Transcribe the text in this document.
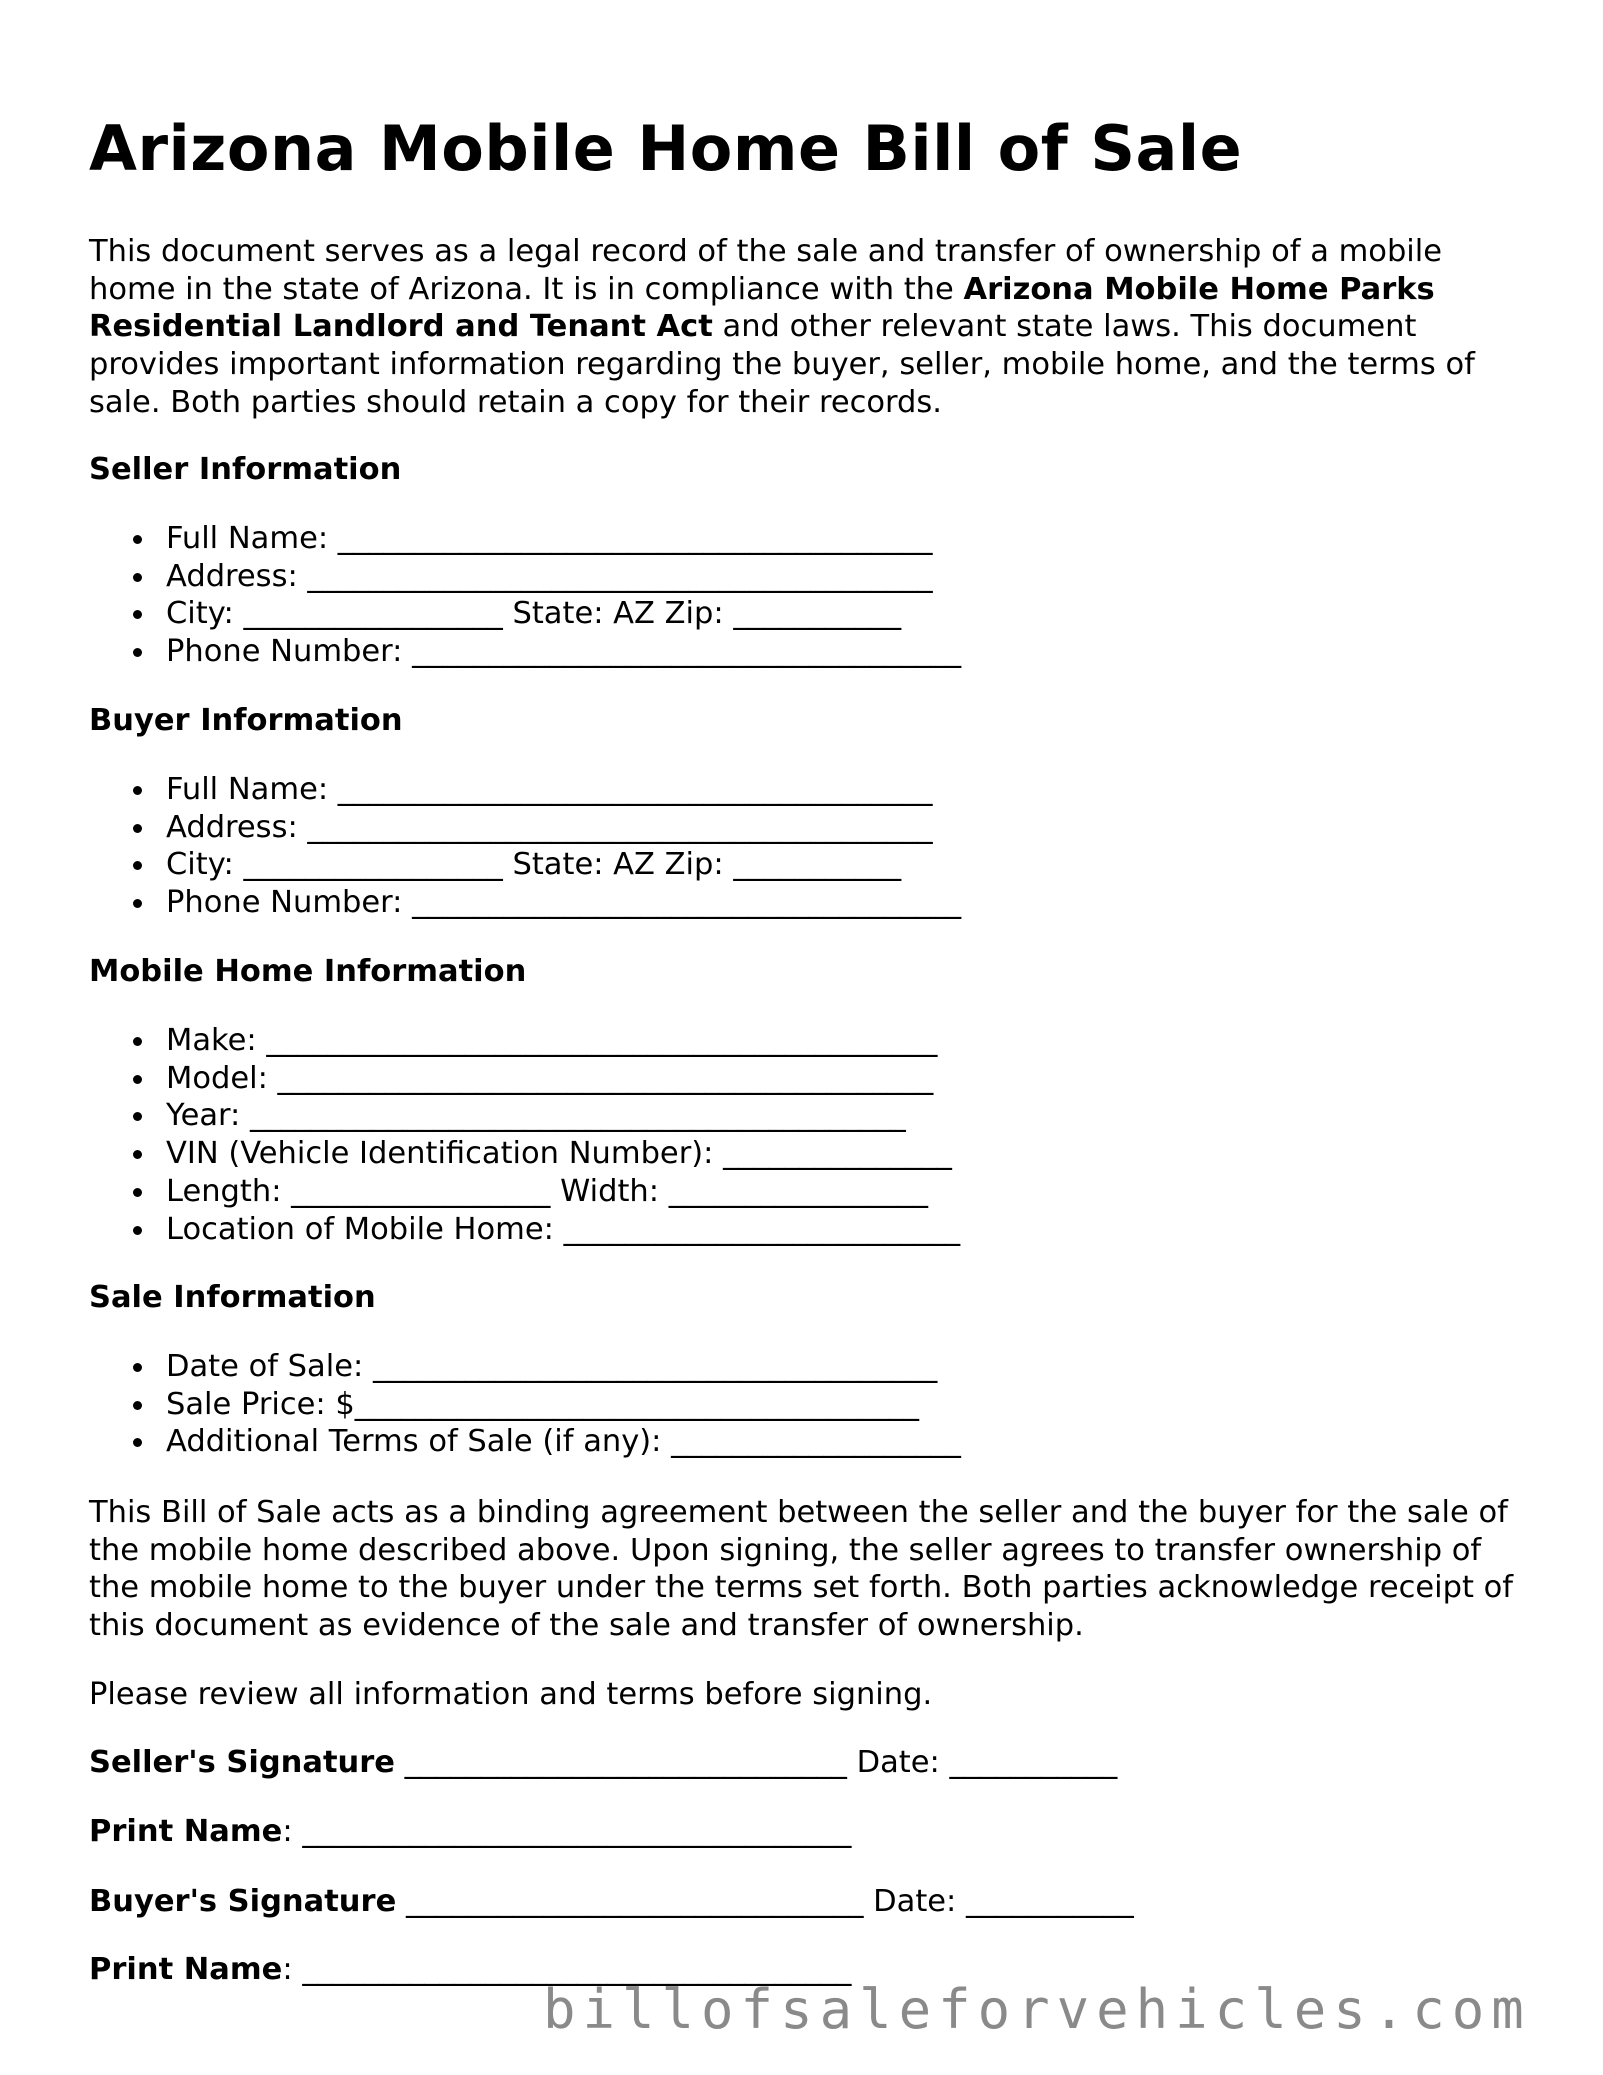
Arizona Mobile Home Bill of Sale

This document serves as a legal record of the sale and transfer of ownership of a mobile home in the state of Arizona. It is in compliance with the Arizona Mobile Home Parks Residential Landlord and Tenant Act and other relevant state laws. This document provides important information regarding the buyer, seller, mobile home, and the terms of sale. Both parties should retain a copy for their records.

Seller Information
Full Name: _______________________________________
Address: _________________________________________
City: _________________ State: AZ Zip: ___________
Phone Number: ____________________________________
Buyer Information
Full Name: _______________________________________
Address: _________________________________________
City: _________________ State: AZ Zip: ___________
Phone Number: ____________________________________
Mobile Home Information
Make: ____________________________________________
Model: ___________________________________________
Year: ___________________________________________
VIN (Vehicle Identification Number): _______________
Length: _________________ Width: _________________
Location of Mobile Home: __________________________
Sale Information
Date of Sale: _____________________________________
Sale Price: $_____________________________________
Additional Terms of Sale (if any): ___________________

This Bill of Sale acts as a binding agreement between the seller and the buyer for the sale of the mobile home described above. Upon signing, the seller agrees to transfer ownership of the mobile home to the buyer under the terms set forth. Both parties acknowledge receipt of this document as evidence of the sale and transfer of ownership.

Please review all information and terms before signing.

Seller's Signature _____________________________ Date: ___________

Print Name: ____________________________________

Buyer's Signature ______________________________ Date: ___________

Print Name: ____________________________________

billofsaleforvehicles.com
